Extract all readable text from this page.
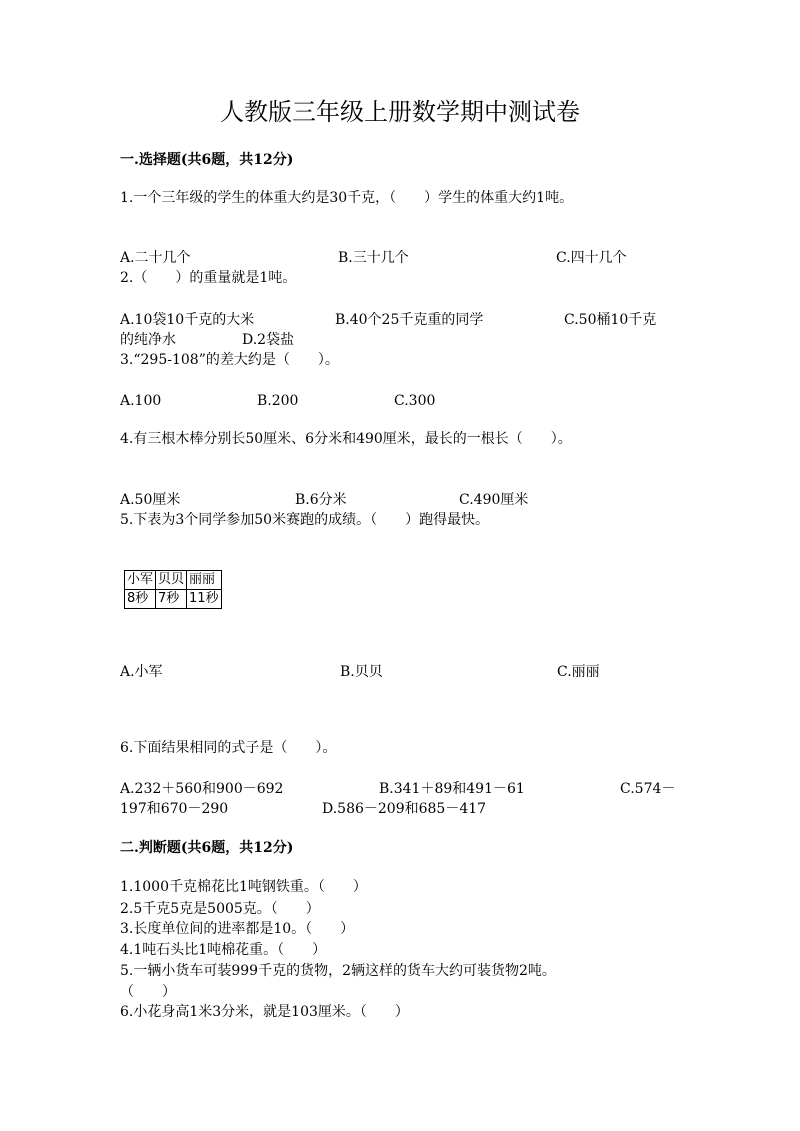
人教版三年级上册数学期中测试卷
一.选择题(共6题，共12分)
1.一个三年级的学生的体重大约是30千克，（　　）学生的体重大约1吨。
A.二十几个	B.三十几个	C.四十几个
2.（　　）的重量就是1吨。
A.10袋10千克的大米	B.40个25千克重的同学	C.50桶10千克
的纯净水	D.2袋盐
3.“295-108”的差大约是（　　）。
A.100	B.200	C.300
4.有三根木棒分别长50厘米、6分米和490厘米，最长的一根长（　　）。
A.50厘米	B.6分米	C.490厘米
5.下表为3个同学参加50米赛跑的成绩。（　　）跑得最快。
小军	贝贝	丽丽
8秒	7秒	11秒
A.小军	B.贝贝	C.丽丽
6.下面结果相同的式子是（　　）。
A.232＋560和900－692	B.341＋89和491－61	C.574－
197和670－290	D.586－209和685－417
二.判断题(共6题，共12分)
1.1000千克棉花比1吨钢铁重。（　　）
2.5千克5克是5005克。（　　）
3.长度单位间的进率都是10。（　　）
4.1吨石头比1吨棉花重。（　　）
5.一辆小货车可装999千克的货物，2辆这样的货车大约可装货物2吨。
（　　）
6.小花身高1米3分米，就是103厘米。（　　）
